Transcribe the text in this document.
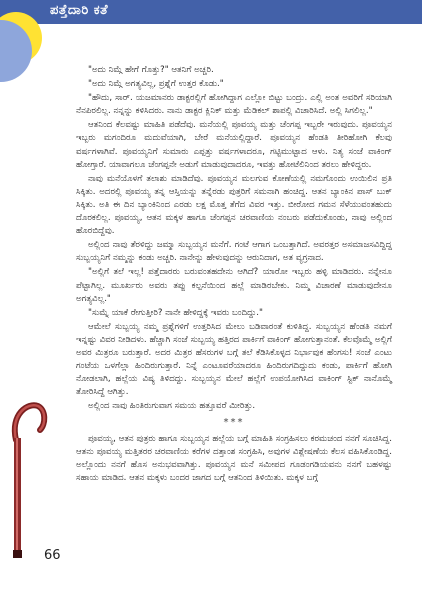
ಪತ್ತೆದಾರಿ ಕತೆ

"ಅದು ನಿಮ್ಗೆ ಹೇಗೆ ಗೊತ್ತು?" ಆತನಿಗೆ ಅಚ್ಚರಿ.

"ಅದು ನಿಮ್ಗೆ ಅಗತ್ಯವಿಲ್ಲ, ಪ್ರಶ್ನೆಗೆ ಉತ್ತರ ಕೊಡು."

"ಹೌದು, ಸಾರ್. ಯಜಮಾನರು ಡಾಕ್ಟರಲ್ಲಿಗೆ ಹೋಗಿದ್ದಾಗ ಎಲ್ಲೋ ಬಿಟ್ಟು ಬಂದ್ರು. ಎಲ್ಲಿ ಅಂತ ಅವರಿಗೆ ಸರಿಯಾಗಿ ನೆನಪಿರಲಿಲ್ಲ. ನನ್ನನ್ನು ಕಳಿಸಿದರು. ನಾನು ಡಾಕ್ಟರ ಕ್ಲಿನಿಕ್ ಮತ್ತು ಮೆಡಿಕಲ್ ಶಾಪಲ್ಲಿ ವಿಚಾರಿಸಿದೆ. ಅಲ್ಲಿ ಸಿಗಲಿಲ್ಲ."

ಆತನಿಂದ ಕೆಲವಷ್ಟು ಮಾಹಿತಿ ಪಡೆದೆವು. ಮನೆಯಲ್ಲಿ ಪೂವಯ್ಯ ಮತ್ತು ಚೆಂಗಪ್ಪ ಇಬ್ಬರೇ ಇರುವುದು. ಪೂವಯ್ಯನ ಇಬ್ಬರು ಮಗಂದಿರೂ ಮದುವೆಯಾಗಿ, ಬೇರೆ ಮನೆಯಲ್ಲಿದ್ದಾರೆ. ಪೂವಯ್ಯನ ಹೆಂಡತಿ ತೀರಿಹೋಗಿ ಕೆಲವು ವರ್ಷಗಳಾಗಿವೆ. ಪೂವಯ್ಯನಿಗೆ ಸುಮಾರು ಎಪ್ಪತ್ತು ವರ್ಷಗಳಾದರೂ, ಗಟ್ಟಿಮುಟ್ಟಾದ ಆಳು. ನಿತ್ಯ ಸಂಜೆ ವಾಕಿಂಗ್ ಹೋಗ್ತಾರೆ. ಯಾವಾಗಲೂ ಚೆಂಗಪ್ಪನೇ ಅಡುಗೆ ಮಾಡುವುದಾದರೂ, ಇವತ್ತು ಹೋಟೆಲಿನಿಂದ ತರಲು ಹೇಳಿದ್ದರು.

ನಾವು ಮನೆಯೊಳಗೆ ತಲಾಶು ಮಾಡಿದೆವು. ಪೂವಯ್ಯನ ಮಲಗುವ ಕೋಣೆಯಲ್ಲಿ ನಮಗೊಂದು ಉಯಿಲಿನ ಪ್ರತಿ ಸಿಕ್ಕಿತು. ಅದರಲ್ಲಿ ಪೂವಯ್ಯ ತನ್ನ ಆಸ್ತಿಯನ್ನು ತನ್ನೆರಡು ಪುತ್ರರಿಗೆ ಸಮನಾಗಿ ಹಂಚಿದ್ದ. ಆತನ ಬ್ಯಾಂಕಿನ ಪಾಸ್ ಬುಕ್ ಸಿಕ್ಕಿತು. ಅತಿ ಈ ದಿನ ಬ್ಯಾಂಕಿನಿಂದ ಎರಡು ಲಕ್ಷ ಮೊತ್ತ ತೆಗೆದ ವಿವರ ಇತ್ತು. ಬೀರೋದ ಗಮನ ಸೆಳೆಯುವಂತಹುದು ದೊರಕಲಿಲ್ಲ. ಪೂವಯ್ಯ, ಆತನ ಮಕ್ಕಳ ಹಾಗೂ ಚೆಂಗಪ್ಪನ ಚರವಾಣಿಯ ನಂಬರು ಪಡೆದುಕೊಂಡು, ನಾವು ಅಲ್ಲಿಂದ ಹೊರಬಿದ್ದೆವು.

ಅಲ್ಲಿಂದ ನಾವು ತೆರಳಿದ್ದು ಜಮ್ಮಾ ಸುಬ್ಬಯ್ಯನ ಮನೆಗೆ. ಗಂಟೆ ಆಗಾಗ ಒಂಬತ್ತಾಗಿದೆ. ಅವರತ್ತರ ಅಸಮಾಜಸವಿದ್ದಿದ್ದ ಸುಬ್ಬಯ್ಯನಿಗೆ ನಮ್ಮನ್ನು ಕಂಡು ಅಚ್ಚರಿ. ನಾನೇನ್ನು ಹೇಳುವುದನ್ನು ಆರುನಿದಾಗ, ಅತ ವ್ಯಗ್ರನಾದ.

"ಅಲ್ಲಿಗೆ ತಲೆ ಇಲ್ಲ! ಪತ್ತೆದಾರರು ಬರುವಂತಹದೇನು ಆಗಿದೆ? ಯಾರೋ ಇಬ್ಬರು ಹಳ್ಳಿ ಮಾಡಿದರು. ನನ್ನೇನೂ ಪೆಟ್ಟಾಗಿಲ್ಲ. ಮೂರ್ಖರು ಅವರು ತಪ್ಪು ಕಲ್ಪನೆಯಿಂದ ಹಲ್ಲೆ ಮಾಡಿರಬೇಕು. ನಿಮ್ಮ ವಿಚಾರಣೆ ಮಾಡುವುದೇನೂ ಅಗತ್ಯವಿಲ್ಲ."

"ಸುಮ್ನೆ ಯಾಕೆ ರೇಗುತ್ತೀರಿ? ನಾನೇ ಹೇಳಿದ್ದಕ್ಕೆ ಇವರು ಬಂದಿದ್ದು."

ಆಮೇಲೆ ಸುಬ್ಬಯ್ಯ ನಮ್ಮ ಪ್ರಶ್ನೆಗಳಿಗೆ ಉತ್ತರಿಸಿದ ಮೇಲು ಬಡಿವಾರಂತೆ ಕುಳಿತಿದ್ದ. ಸುಬ್ಬಯ್ಯನ ಹೆಂಡತಿ ನಮಗೆ ಇನ್ನಷ್ಟು ವಿವರ ನೀಡಿದಳು. ಹೆಚ್ಚಾಗಿ ಸಂಜೆ ಸುಬ್ಬಯ್ಯ ಹತ್ತಿರದ ಪಾರ್ಕಿಗೆ ವಾಕಿಂಗ್ ಹೋಗುತ್ತಾನಂತೆ. ಕೆಲವೊಮ್ಮೆ ಅಲ್ಲಿಗೆ ಅವರ ಮಿತ್ರರೂ ಬರುತ್ತಾರೆ. ಅದರ ಮಿತ್ರರ ಹೆಸರುಗಳ ಬಗ್ಗೆ ತಲೆ ಕೆಡಿಸಿಕೊಳ್ಳದ ನಿರ್ಭಾವುಕ ಹೆಂಗಸು! ಸಂಜೆ ಎಂಟು ಗಂಟೆಯ ಒಳಗೆಲ್ಲಾ ಹಿಂದಿರುಗುತ್ತಾರೆ. ನಿನ್ನೆ ಎಂಟೂವರೆಯಾದರೂ ಹಿಂದಿರುಗದಿದ್ದುದು ಕಂಡು, ಪಾರ್ಕಿಗೆ ಹೋಗಿ ನೋಡಲಾಗಿ, ಹಲ್ಲೆಯ ವಿಷ್ಯ ತಿಳಿದದ್ದು. ಸುಬ್ಬಯ್ಯನ ಮೇಲೆ ಹಲ್ಲೆಗೆ ಉಪಯೋಗಿಸಿದ ವಾಕಿಂಗ್ ಸ್ಟಿಕ್ ನಾನೊಮ್ಮೆ ತೋರಿಸಿದ್ದೆ ಆಗಿತ್ತು.

ಅಲ್ಲಿಂದ ನಾವು ಹಿಂತಿರುಗುವಾಗ ಸಮಯ ಹತ್ತೂವರೆ ಮೀರಿತ್ತು.

***

ಪೂವಯ್ಯ, ಆತನ ಪುತ್ರರು ಹಾಗೂ ಸುಬ್ಬಯ್ಯನ ಹಲ್ಲೆಯ ಬಗ್ಗೆ ಮಾಹಿತಿ ಸಂಗ್ರಹಿಸಲು ಕರಮಚಂದ ನನಗೆ ಸೂಚಿಸಿದ್ದ. ಆತನು ಪೂವಯ್ಯ ಮತ್ತಿತರರ ಚರವಾಣಿಯ ಕರೆಗಳ ದತ್ತಾಂಶ ಸಂಗ್ರಹಿಸಿ, ಅವುಗಳ ವಿಶ್ಲೇಷಣೆಯ ಕೆಲಸ ವಹಿಸಿಕೊಂಡಿದ್ದ. ಅಲ್ಲೊಂದು ನನಗೆ ಹೊಸ ಅನುಭವವಾಗಿತ್ತು. ಪೂವಯ್ಯನ ಮನೆ ಸಮೀಪದ ಗೂಡಂಗಡಿಯವನು ನನಗೆ ಬಹಳಷ್ಟು ಸಹಾಯ ಮಾಡಿದ. ಆತನ ಮಕ್ಕಳು ಬಂದರ ಜಾಗದ ಬಗ್ಗೆ ಆತನಿಂದ ತಿಳಿಯಿತು. ಮಕ್ಕಳ ಬಗ್ಗೆ

66
